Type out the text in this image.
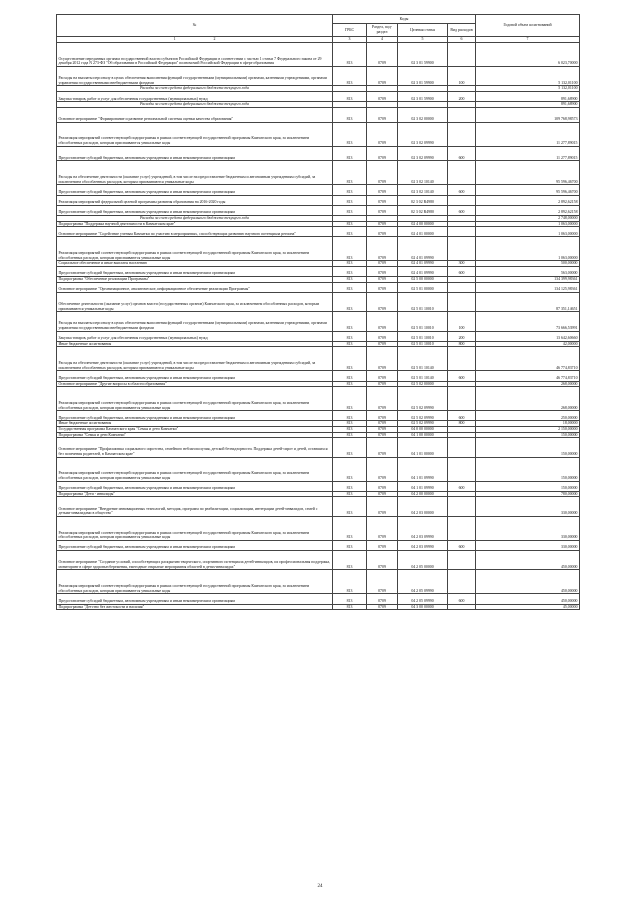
№	Коды				Годовой объем ассигнований
	ГРБС	Раздел, под-раздел	Целевая статья	Вид расходов	
1 2	3	4	5	6	7
Осуществление переданных органам государственной власти субъектов Российской Федерации в соответствии с частью 1 статьи 7 Федерального закона от 29 декабря 2012 года N 273-ФЗ "Об образовании в Российской Федерации" полномочий Российской Федерации в сфере образования	813	0709	02 3 01 59900		6 023,70000
Расходы на выплаты персоналу в целях обеспечения выполнения функций государственными (муниципальными) органами, казенными учреждениями, органами управления государственными внебюджетными фондами	813	0709	02 3 01 59900	100	5 132,01100
Расходы за счет средств федерального бюджета текущего года					5 132,01100
Закупка товаров, работ и услуг для обеспечения государственных (муниципальных) нужд	813	0709	02 3 01 59900	200	891,68900
Расходы за счет средств федерального бюджета текущего года					891,68900
Основное мероприятие "Формирование и развитие региональной системы оценки качества образования"	813	0709	02 3 02 00000		109 768,98573
Реализация мероприятий соответствующей подпрограммы в рамках соответствующей государственной программы Камчатского края, за исключением обособленных расходов, которым присваиваются уникальные коды	813	0709	02 3 02 09990		11 277,89015
Предоставление субсидий бюджетным, автономным учреждениям и иным некоммерческим организациям	813	0709	02 3 02 09990	600	11 277,89015
Расходы на обеспечение деятельности (оказание услуг) учреждений, в том числе на предоставление бюджетным и автономным учреждениям субсидий, за исключением обособленных расходов, которым присваиваются уникальные коды	813	0709	02 3 02 10140		95 596,46700
Предоставление субсидий бюджетным, автономным учреждениям и иным некоммерческим организациям	813	0709	02 3 02 10140	600	95 596,46700
Реализация мероприятий федеральной целевой программы развития образования на 2016-2020 годы	813	0709	02 3 02 R4980		2 892,62158
Предоставление субсидий бюджетным, автономным учреждениям и иным некоммерческим организациям	813	0709	02 3 02 R4980	600	2 892,62158
Расходы за счет средств федерального бюджета текущего года					2 748,00000
Подпрограмма "Поддержка научной деятельности в Камчатском крае"	813	0709	02 4 00 00000		1 063,00000
Основное мероприятие "Содействие ученым Камчатки по участию в мероприятиях, способствующих развитию научного потенциала региона"	813	0709	02 4 01 00000		1 063,00000
Реализация мероприятий соответствующей подпрограммы в рамках соответствующей государственной программы Камчатского края, за исключением обособленных расходов, которым присваиваются уникальные коды	813	0709	02 4 01 09990		1 063,00000
Социальное обеспечение и иные выплаты населению	813	0709	02 4 01 09990	300	500,00000
Предоставление субсидий бюджетным, автономным учреждениям и иным некоммерческим организациям	813	0709	02 4 01 09990	600	563,00000
Подпрограмма "Обеспечение реализации Программы"	813	0709	02 5 00 00000		134 399,98361
Основное мероприятие "Организационное, аналитическое, информационное обеспечение реализации Программы"	813	0709	02 5 01 00000		134 125,98361
Обеспечение деятельности (оказание услуг) органов власти (государственных органов) Камчатского края, за исключением обособленных расходов, которым присваиваются уникальные коды	813	0709	02 5 01 10010		87 351,14651
Расходы на выплаты персоналу в целях обеспечения выполнения функций государственными (муниципальными) органами, казенными учреждениями, органами управления государственными внебюджетными фондами	813	0709	02 5 01 10010	100	73 666,53991
Закупка товаров, работ и услуг для обеспечения государственных (муниципальных) нужд	813	0709	02 5 01 10010	200	13 642,60660
Иные бюджетные ассигнования	813	0709	02 5 01 10010	800	42,00000
Расходы на обеспечение деятельности (оказание услуг) учреждений, в том числе на предоставление бюджетным и автономным учреждениям субсидий, за исключением обособленных расходов, которым присваиваются уникальные коды	813	0709	02 5 01 10140		46 774,83710
Предоставление субсидий бюджетным, автономным учреждениям и иным некоммерческим организациям	813	0709	02 5 01 10140	600	46 774,83710
Основное мероприятие "Другие вопросы в области образования"	813	0709	02 5 02 00000		268,00000
Реализация мероприятий соответствующей подпрограммы в рамках соответствующей государственной программы Камчатского края, за исключением обособленных расходов, которым присваиваются уникальные коды	813	0709	02 5 02 09990		268,00000
Предоставление субсидий бюджетным, автономным учреждениям и иным некоммерческим организациям	813	0709	02 5 02 09990	600	250,00000
Иные бюджетные ассигнования	813	0709	02 5 02 09990	800	18,00000
Государственная программа Камчатского края "Семья и дети Камчатки"	813	0709	04 0 00 00000		2 150,00000
Подпрограмма "Семья и дети Камчатки"	813	0709	04 1 00 00000		150,00000
Основное мероприятие "Профилактика социального сиротства, семейного неблагополучия, детской безнадзорности. Поддержка детей-сирот и детей, оставшихся без попечения родителей, в Камчатском крае"	813	0709	04 1 01 00000		150,00000
Реализация мероприятий соответствующей подпрограммы в рамках соответствующей государственной программы Камчатского края, за исключением обособленных расходов, которым присваиваются уникальные коды	813	0709	04 1 01 09990		150,00000
Предоставление субсидий бюджетным, автономным учреждениям и иным некоммерческим организациям	813	0709	04 1 01 09990	600	150,00000
Подпрограмма "Дети - инвалиды"	813	0709	04 2 00 00000		780,00000
Основное мероприятие "Внедрение инновационных технологий, методик, программ по реабилитации, социализации, интеграции детей-инвалидов, семей с детьми-инвалидами в общество"	813	0709	04 2 03 00000		330,00000
Реализация мероприятий соответствующей подпрограммы в рамках соответствующей государственной программы Камчатского края, за исключением обособленных расходов, которым присваиваются уникальные коды	813	0709	04 2 03 09990		330,00000
Предоставление субсидий бюджетным, автономным учреждениям и иным некоммерческим организациям	813	0709	04 2 03 09990	600	330,00000
Основное мероприятие "Создание условий, способствующих раскрытию творческого, спортивного потенциала детей-инвалидов, их профессиональная поддержка, мониторинг в сфере здоровьесбережения, ежегодные открытые мероприятия областей в детях-инвалидах"	813	0709	04 2 05 00000		450,00000
Реализация мероприятий соответствующей подпрограммы в рамках соответствующей государственной программы Камчатского края, за исключением обособленных расходов, которым присваиваются уникальные коды	813	0709	04 2 05 09990		450,00000
Предоставление субсидий бюджетным, автономным учреждениям и иным некоммерческим организациям	813	0709	04 2 05 09990	600	450,00000
Подпрограмма "Детство без жестокости и насилия"	813	0709	04 3 00 00000		45,00000
24
